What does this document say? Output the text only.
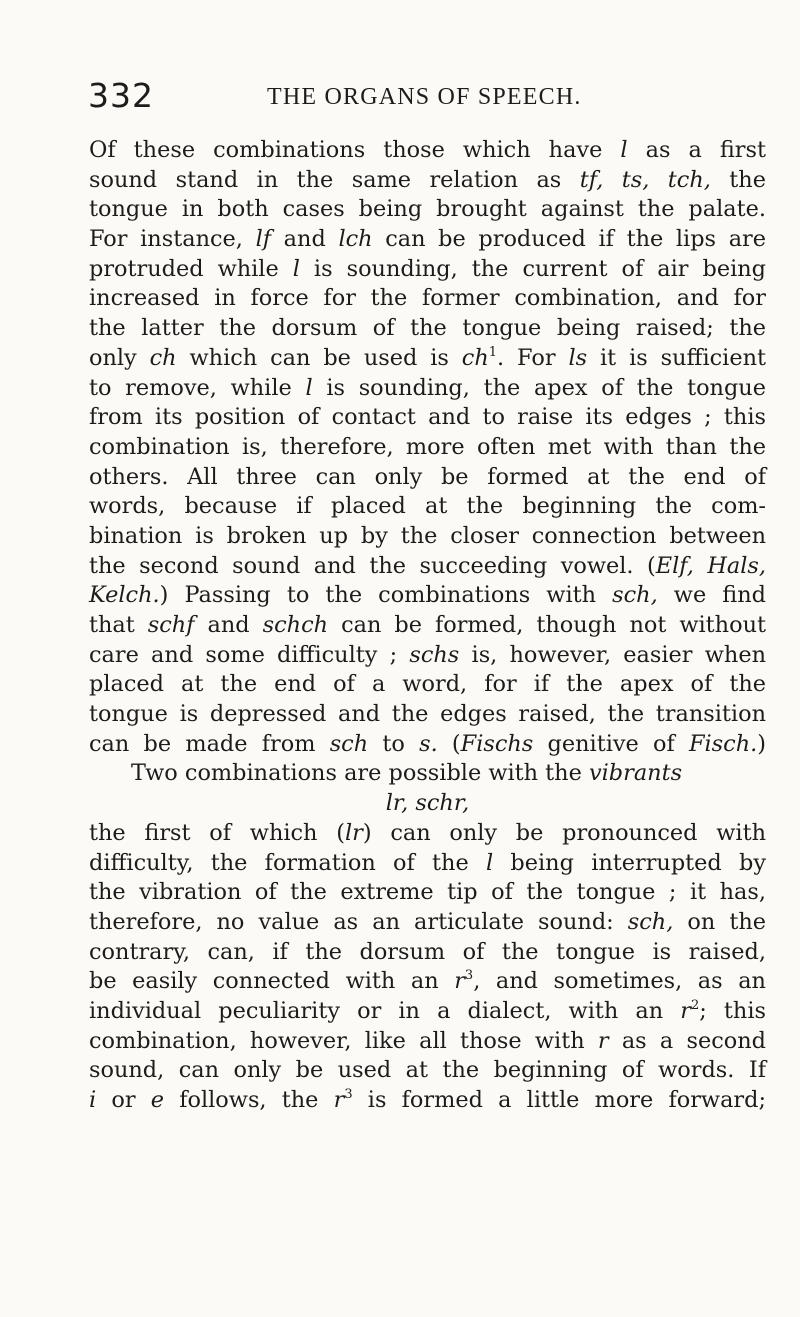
332	THE ORGANS OF SPEECH.
Of these combinations those which have l as a first
sound stand in the same relation as tf, ts, tch, the
tongue in both cases being brought against the palate.
For instance, lf and lch can be produced if the lips are
protruded while l is sounding, the current of air being
increased in force for the former combination, and for
the latter the dorsum of the tongue being raised; the
only ch which can be used is $ch^1$. For ls it is sufficient
to remove, while l is sounding, the apex of the tongue
from its position of contact and to raise its edges ; this
combination is, therefore, more often met with than the
others. All three can only be formed at the end of
words, because if placed at the beginning the com-
bination is broken up by the closer connection between
the second sound and the succeeding vowel. (Elf, Hals,
Kelch.) Passing to the combinations with sch, we find
that schf and schch can be formed, though not without
care and some difficulty ; schs is, however, easier when
placed at the end of a word, for if the apex of the
tongue is depressed and the edges raised, the transition
can be made from sch to s. (Fischs genitive of Fisch.)
Two combinations are possible with the vibrants
lr, schr,
the first of which (lr) can only be pronounced with
difficulty, the formation of the l being interrupted by
the vibration of the extreme tip of the tongue ; it has,
therefore, no value as an articulate sound: sch, on the
contrary, can, if the dorsum of the tongue is raised,
be easily connected with an $r^3$, and sometimes, as an
individual peculiarity or in a dialect, with an $r^2$; this
combination, however, like all those with r as a second
sound, can only be used at the beginning of words. If
i or e follows, the $r^3$ is formed a little more forward;
